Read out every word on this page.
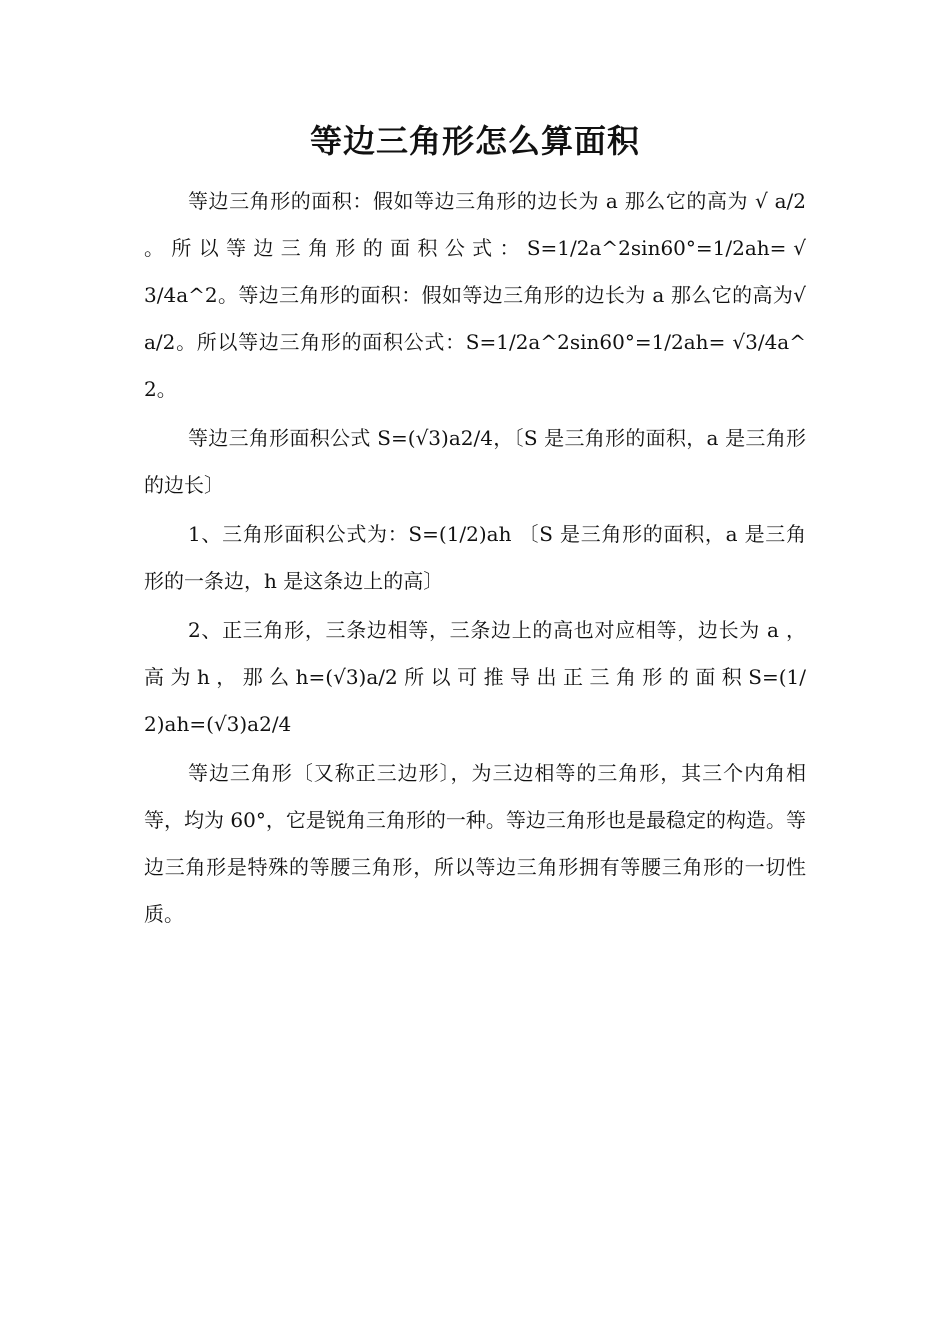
等边三角形怎么算面积

等边三角形的面积：假如等边三角形的边长为 a 那么它的高为 √ a/2 。 所 以 等 边 三 角 形 的 面 积 公 式 ： S=1/2a^2sin60°=1/2ah= √3/4a^2。等边三角形的面积：假如等边三角形的边长为 a 那么它的高为√a/2。所以等边三角形的面积公式：S=1/2a^2sin60°=1/2ah= √3/4a^2。

等边三角形面积公式 S=(√3)a2/4，〔S 是三角形的面积，a 是三角形的边长〕

1、三角形面积公式为：S=(1/2)ah 〔S 是三角形的面积，a 是三角形的一条边，h 是这条边上的高〕

2、正三角形，三条边相等，三条边上的高也对应相等，边长为 a ， 高 为 h ， 那 么 h=(√3)a/2 所 以 可 推 导 出 正 三 角 形 的 面 积 S=(1/2)ah=(√3)a2/4

等边三角形〔又称正三边形〕，为三边相等的三角形，其三个内角相等，均为 60°，它是锐角三角形的一种。等边三角形也是最稳定的构造。等边三角形是特殊的等腰三角形，所以等边三角形拥有等腰三角形的一切性质。
